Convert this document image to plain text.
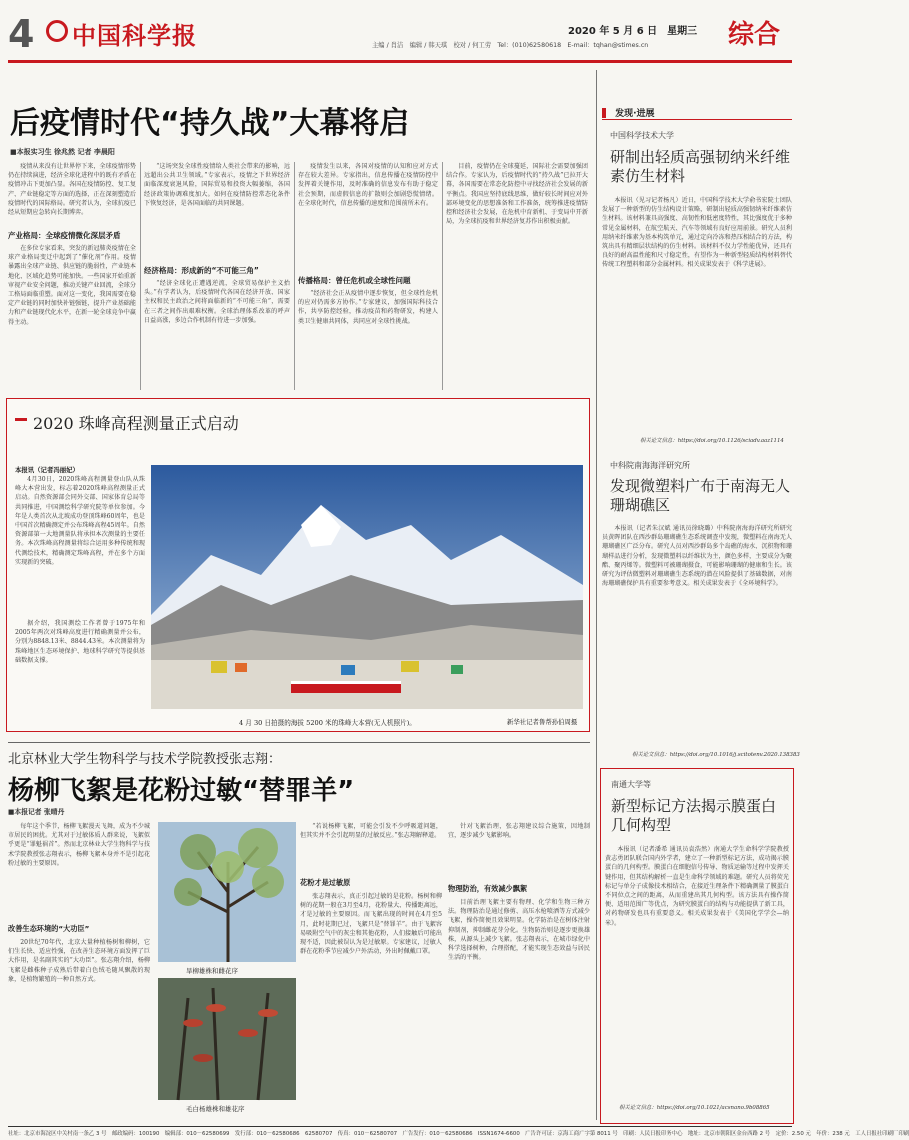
4 中国科学报	2020 年 5 月 6 日　星期三
主编 / 肖洁　编辑 / 韩天琪　校对 / 何工劳　Tel：(010)62580618　E-mail：tqhan@stimes.cn	综合
后疫情时代“持久战”大幕将启
■本报实习生 徐兆然 记者 李晨阳
疫情从来没有让世界停下来，全球疫情形势仍在持续演进，经济全球化进程中的既有矛盾在疫情冲击下更加凸显。各国在疫情防控、复工复产、产业链稳定等方面的选择，正在深刻塑造后疫情时代的国际格局。研究者认为，全球抗疫已经从短期应急转向长期博弈。
产业格局：全球疫情微化深层矛盾
在多位专家看来，突发的新冠肺炎疫情在全球产业格局变迁中起到了“催化剂”作用。疫情暴露出全球产业链、供应链的脆弱性，产业链本地化、区域化趋势可能加快。一些国家开始重新审视产业安全问题，推动关键产业回流，全球分工格局面临重塑。面对这一变化，我国需要在稳定产业链的同时加快补链强链，提升产业基础能力和产业链现代化水平，在新一轮全球竞争中赢得主动。
“这场突发全球性疫情给人类社会带来的影响，远远超出公共卫生领域。”专家表示，疫情之下世界经济面临深度衰退风险，国际贸易和投资大幅萎缩，各国经济政策协调难度加大。如何在疫情防控常态化条件下恢复经济，是各国面临的共同课题。
经济格局：形成新的“不可能三角”
“经济全球化正遭遇逆流，全球贸易保护主义抬头。”有学者认为，后疫情时代各国在经济开放、国家主权和民主政治之间将面临新的“不可能三角”，需要在三者之间作出艰难权衡。全球治理体系改革的呼声日益高涨，多边合作机制有待进一步加强。
疫情发生以来，各国对疫情的认知和应对方式存在较大差异。专家指出，信息传播在疫情防控中发挥着关键作用，及时准确的信息发布有助于稳定社会预期，而虚假信息的扩散则会加剧恐慌情绪。在全球化时代，信息传播的速度和范围前所未有。
传播格局：曾任危机或全球性问题
“经济社会正从疫情中逐步恢复，但全球性危机的应对仍需多方协作。”专家建议，加强国际科技合作，共享防控经验，推动疫苗和药物研发，构建人类卫生健康共同体，共同应对全球性挑战。
目前，疫情仍在全球蔓延，国际社会需要加强团结合作。专家认为，后疫情时代的“持久战”已拉开大幕，各国需要在常态化防控中寻找经济社会发展的新平衡点。我国应坚持底线思维，做好较长时间应对外部环境变化的思想准备和工作准备，统筹推进疫情防控和经济社会发展，在危机中育新机、于变局中开新局，为全球抗疫和世界经济复苏作出积极贡献。
2020 珠峰高程测量正式启动
本报讯（记者冯丽妃）
4月30日，2020珠峰高程测量登山队从珠峰大本营出发，标志着2020珠峰高程测量正式启动。自然资源部会同外交部、国家体育总局等共同推进，中国测绘科学研究院等单位参加。今年是人类首次从北坡成功登顶珠峰60周年，也是中国首次精确测定并公布珠峰高程45周年。自然资源部第一大地测量队将承担本次测量的主要任务。本次珠峰高程测量将综合运用多种传统和现代测绘技术，精确测定珠峰高程，并在多个方面实现新的突破。
据介绍，我国测绘工作者曾于1975年和2005年两次对珠峰高度进行精确测量并公布，分别为8848.13米、8844.43米。本次测量将为珠峰地区生态环境保护、地球科学研究等提供基础数据支撑。
4 月 30 日拍摄的海拔 5200 米的珠峰大本营(无人机照片)。	新华社记者鲁帮孙伯周摄
北京林业大学生物科学与技术学院教授张志翔：
杨柳飞絮是花粉过敏“替罪羊”
■本报记者 张晴丹
每年这个季节，杨柳飞絮漫天飞舞，成为不少城市居民的困扰。尤其对于过敏体质人群来说，飞絮似乎更是“罪魁祸首”。然而北京林业大学生物科学与技术学院教授张志翔表示，杨柳飞絮本身并不是引起花粉过敏的主要原因。
改善生态环境的“大功臣”
20世纪70年代，北京大量种植杨树和柳树，它们生长快、适应性强，在改善生态环境方面发挥了巨大作用，是名副其实的“大功臣”。张志翔介绍，杨柳飞絮是雌株种子成熟后带着白色绒毛随风飘散的现象，是植物繁殖的一种自然方式。
旱柳雄株和雌花序
毛白杨雄株和雄花序
“若说杨柳飞絮，可能会引发不少呼吸道问题，但其实并不会引起明显的过敏反应。”张志翔解释道。
花粉才是过敏原
张志翔表示，真正引起过敏的是花粉。杨树和柳树的花期一般在3月至4月，花粉量大、传播距离远，才是过敏的主要原因。而飞絮出现的时间在4月至5月，此时花期已过，飞絮只是“替罪羊”。由于飞絮容易吸附空气中的灰尘和其他花粉，人们接触后可能出现不适，因此被误认为是过敏原。专家建议，过敏人群在花粉季节应减少户外活动，外出时佩戴口罩。
针对飞絮治理，张志翔建议综合施策，因地制宜，逐步减少飞絮影响。
物理防治，有效减少飘絮
目前治理飞絮主要有物理、化学和生物三种方法。物理防治是通过修剪、高压水枪喷洒等方式减少飞絮，操作简便且效果明显。化学防治是在树体注射抑制剂，抑制雌花芽分化。生物防治则是逐步更换雄株，从源头上减少飞絮。张志翔表示，在城市绿化中科学选择树种，合理搭配，才能实现生态效益与居民生活的平衡。
发现·进展
中国科学技术大学
研制出轻质高强韧纳米纤维素仿生材料
本报讯（见习记者杨凡）近日，中国科学技术大学俞书宏院士团队发展了一种新型的仿生结构设计策略，研制出轻质高强韧纳米纤维素仿生材料。该材料兼具高强度、高韧性和低密度特性，其比强度优于多种常见金属材料，在航空航天、汽车等领域有良好应用前景。研究人员利用纳米纤维素为基本构筑单元，通过定向冷冻和热压相结合的方法，构筑出具有精细层状结构的仿生材料。该材料不仅力学性能优异，还具有良好的耐高温性能和尺寸稳定性，有望作为一种新型轻质结构材料替代传统工程塑料和部分金属材料。相关成果发表于《科学进展》。
相关论文信息：https://doi.org/10.1126/sciadv.aaz1114
中科院南海海洋研究所
发现微塑料广布于南海无人珊瑚礁区
本报讯（记者朱汉斌 通讯员徐晓璐）中科院南海海洋研究所研究员黄晖团队在西沙群岛珊瑚礁生态系统调查中发现，微塑料在南海无人珊瑚礁区广泛分布。研究人员对西沙群岛多个岛礁的海水、沉积物和珊瑚样品进行分析，发现微塑料以纤维状为主，颜色多样，主要成分为聚酯、聚丙烯等。微塑料可被珊瑚摄食，可能影响珊瑚的健康和生长。该研究为评估微塑料对珊瑚礁生态系统的潜在风险提供了基础数据，对南海珊瑚礁保护具有重要参考意义。相关成果发表于《全环境科学》。
相关论文信息：https://doi.org/10.1016/j.scitotenv.2020.138383
南通大学等
新型标记方法揭示膜蛋白几何构型
本报讯（记者潘希 通讯员袁浩然）南通大学生命科学学院教授黄志勇团队联合国内外学者，建立了一种新型标记方法，成功揭示膜蛋白的几何构型。膜蛋白在细胞信号传导、物质运输等过程中发挥关键作用，但其结构解析一直是生命科学领域的难题。研究人员将荧光标记与单分子成像技术相结合，在接近生理条件下精确测量了膜蛋白不同位点之间的距离，从而重建出其几何构型。该方法具有操作简便、适用范围广等优点，为研究膜蛋白的结构与功能提供了新工具，对药物研发也具有重要意义。相关成果发表于《美国化学学会—纳米》。
相关论文信息：https://doi.org/10.1021/acsnano.9b08865
社址：北京市海淀区中关村南一条乙 3 号　邮政编码：100190　编辑部：010－62580699　发行部：010－62580686　62580707　传真：010－62580707　广告发行：010－62580686　ISSN1674-6600　广告许可证：京海工商广字第 8011 号　印刷：人民日报印务中心　地址：北京市朝阳区金台西路 2 号　定价：2.50 元　年价：238 元　工人日报社印刷厂印刷
